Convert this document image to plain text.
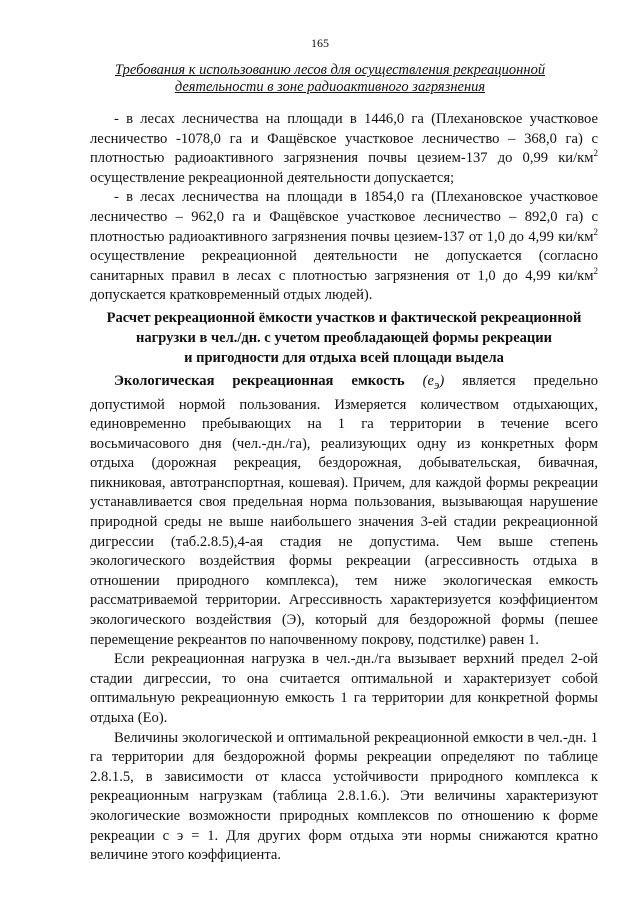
165
Требования к использованию лесов для осуществления рекреационной
деятельности в зоне радиоактивного загрязнения

- в лесах лесничества на площади в 1446,0 га (Плехановское участковое лесничество -1078,0 га и Фащёвское участковое лесничество – 368,0 га) с плотностью радиоактивного загрязнения почвы цезием-137 до 0,99 $ки/км^2$ осуществление рекреационной деятельности допускается;

- в лесах лесничества на площади в 1854,0 га (Плехановское участковое лесничество – 962,0 га и Фащёвское участковое лесничество – 892,0 га) с плотностью радиоактивного загрязнения почвы цезием-137 от 1,0 до 4,99 $ки/км^2$ осуществление рекреационной деятельности не допускается (согласно санитарных правил в лесах с плотностью загрязнения от 1,0 до 4,99 $ки/км^2$ допускается кратковременный отдых людей).

Расчет рекреационной ёмкости участков и фактической рекреационной
нагрузки в чел./дн. с учетом преобладающей формы рекреации
и пригодности для отдыха всей площади выдела

Экологическая рекреационная емкость $(е_э)$ является предельно допустимой нормой пользования. Измеряется количеством отдыхающих, единовременно пребывающих на 1 га территории в течение всего восьмичасового дня (чел.-дн./га), реализующих одну из конкретных форм отдыха (дорожная рекреация, бездорожная, добывательская, бивачная, пикниковая, автотранспортная, кошевая). Причем, для каждой формы рекреации устанавливается своя предельная норма пользования, вызывающая нарушение природной среды не выше наибольшего значения 3-ей стадии рекреационной дигрессии (таб.2.8.5),4-ая стадия не допустима. Чем выше степень экологического воздействия формы рекреации (агрессивность отдыха в отношении природного комплекса), тем ниже экологическая емкость рассматриваемой территории. Агрессивность характеризуется коэффициентом экологического воздействия (Э), который для бездорожной формы (пешее перемещение рекреантов по напочвенному покрову, подстилке) равен 1.

Если рекреационная нагрузка в чел.-дн./га вызывает верхний предел 2-ой стадии дигрессии, то она считается оптимальной и характеризует собой оптимальную рекреационную емкость 1 га территории для конкретной формы отдыха (Ео).

Величины экологической и оптимальной рекреационной емкости в чел.-дн. 1 га территории для бездорожной формы рекреации определяют по таблице 2.8.1.5, в зависимости от класса устойчивости природного комплекса к рекреационным нагрузкам (таблица 2.8.1.6.). Эти величины характеризуют экологические возможности природных комплексов по отношению к форме рекреации с э = 1. Для других форм отдыха эти нормы снижаются кратно величине этого коэффициента.
